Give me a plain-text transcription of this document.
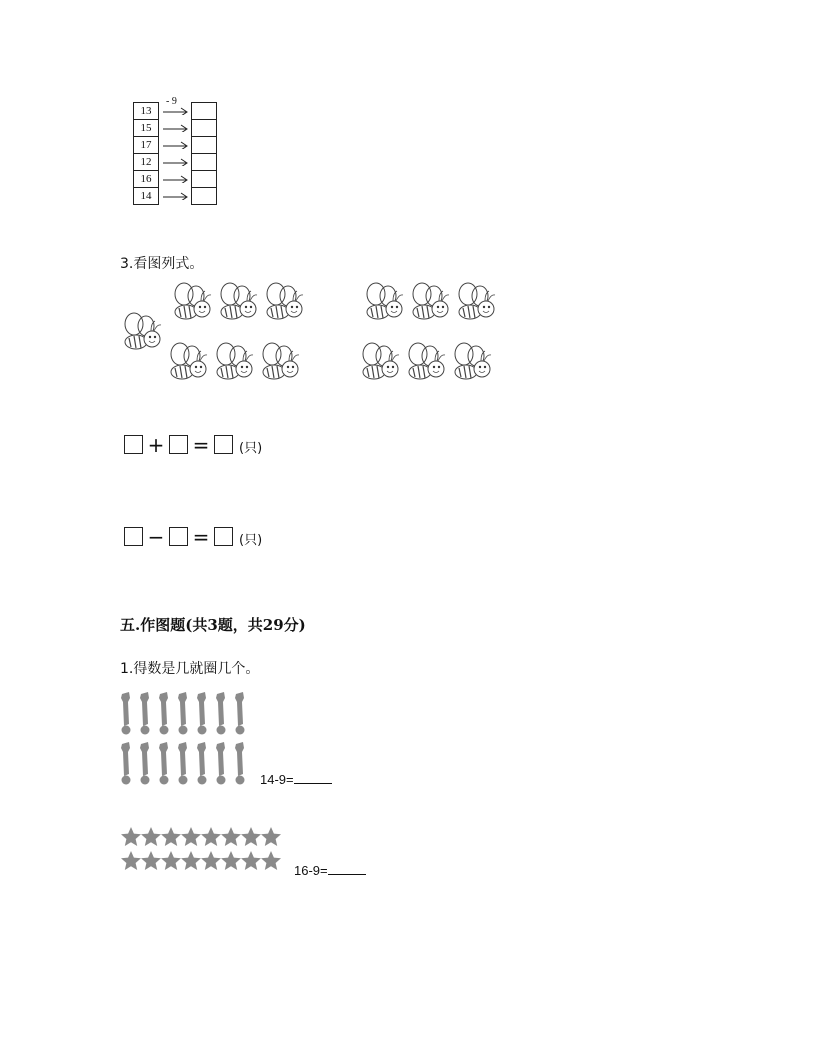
13
- 9
15
17
12
16
14
3.看图列式。
+ =	(只)
− =	(只)
五.作图题(共3题，共29分)
1.得数是几就圈几个。
14-9=
16-9=
